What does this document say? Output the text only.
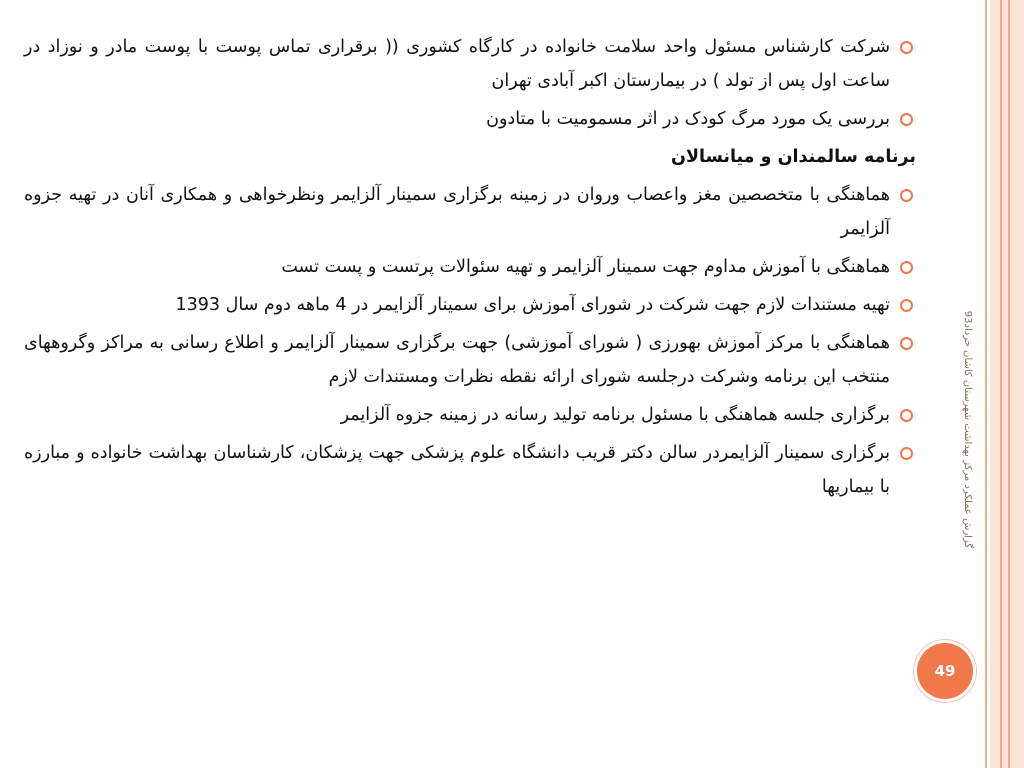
گزارش عملکرد مرکز بهداشت شهرستان کاشان خرداد93
شرکت کارشناس مسئول واحد سلامت خانواده در کارگاه کشوری (( برقراری تماس پوست با پوست مادر و نوزاد در ساعت اول پس از تولد ) در بیمارستان اکبر آبادی تهران
بررسی یک مورد مرگ کودک در اثر مسمومیت با متادون
برنامه سالمندان و میانسالان
هماهنگی با متخصصین مغز واعصاب وروان در زمینه برگزاری سمینار آلزایمر ونظرخواهی و همکاری آنان در تهیه جزوه آلزایمر
هماهنگی با آموزش مداوم جهت سمینار آلزایمر و تهیه سئوالات پرتست و پست تست
تهیه مستندات لازم جهت شرکت در شورای آموزش برای سمینار آلزایمر در 4 ماهه دوم سال 1393
هماهنگی با مرکز آموزش بهورزی ( شورای آموزشی) جهت برگزاری سمینار آلزایمر و اطلاع رسانی به مراکز وگروههای منتخب این برنامه وشرکت درجلسه شورای ارائه نقطه نظرات ومستندات لازم
برگزاری جلسه هماهنگی با مسئول برنامه تولید رسانه در زمینه جزوه آلزایمر
برگزاری سمینار آلزایمردر سالن دکتر قریب دانشگاه علوم پزشکی جهت پزشکان، کارشناسان بهداشت خانواده و مبارزه با بیماریها
49
